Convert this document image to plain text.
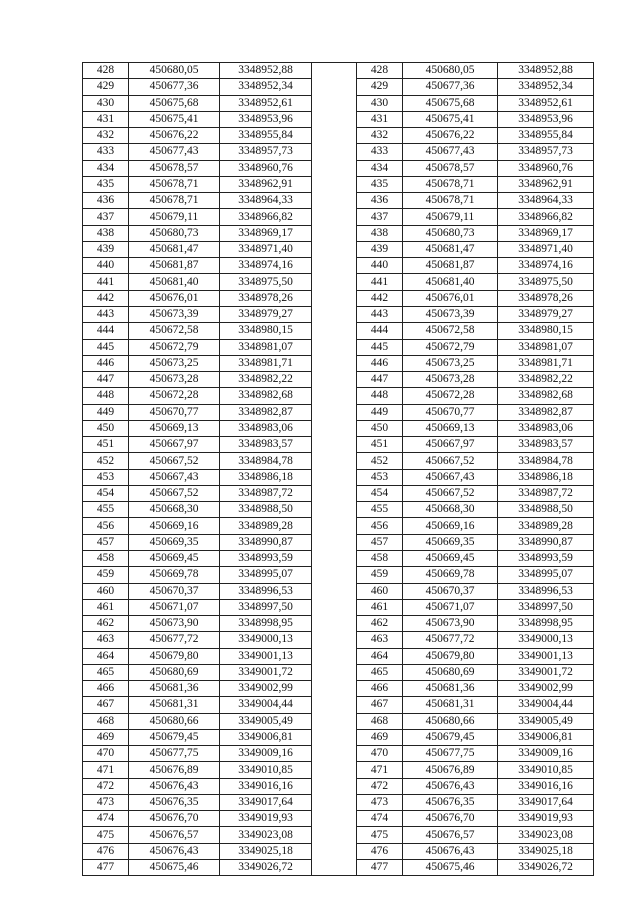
428	450680,05	3348952,88		428	450680,05	3348952,88
429	450677,36	3348952,34		429	450677,36	3348952,34
430	450675,68	3348952,61		430	450675,68	3348952,61
431	450675,41	3348953,96		431	450675,41	3348953,96
432	450676,22	3348955,84		432	450676,22	3348955,84
433	450677,43	3348957,73		433	450677,43	3348957,73
434	450678,57	3348960,76		434	450678,57	3348960,76
435	450678,71	3348962,91		435	450678,71	3348962,91
436	450678,71	3348964,33		436	450678,71	3348964,33
437	450679,11	3348966,82		437	450679,11	3348966,82
438	450680,73	3348969,17		438	450680,73	3348969,17
439	450681,47	3348971,40		439	450681,47	3348971,40
440	450681,87	3348974,16		440	450681,87	3348974,16
441	450681,40	3348975,50		441	450681,40	3348975,50
442	450676,01	3348978,26		442	450676,01	3348978,26
443	450673,39	3348979,27		443	450673,39	3348979,27
444	450672,58	3348980,15		444	450672,58	3348980,15
445	450672,79	3348981,07		445	450672,79	3348981,07
446	450673,25	3348981,71		446	450673,25	3348981,71
447	450673,28	3348982,22		447	450673,28	3348982,22
448	450672,28	3348982,68		448	450672,28	3348982,68
449	450670,77	3348982,87		449	450670,77	3348982,87
450	450669,13	3348983,06		450	450669,13	3348983,06
451	450667,97	3348983,57		451	450667,97	3348983,57
452	450667,52	3348984,78		452	450667,52	3348984,78
453	450667,43	3348986,18		453	450667,43	3348986,18
454	450667,52	3348987,72		454	450667,52	3348987,72
455	450668,30	3348988,50		455	450668,30	3348988,50
456	450669,16	3348989,28		456	450669,16	3348989,28
457	450669,35	3348990,87		457	450669,35	3348990,87
458	450669,45	3348993,59		458	450669,45	3348993,59
459	450669,78	3348995,07		459	450669,78	3348995,07
460	450670,37	3348996,53		460	450670,37	3348996,53
461	450671,07	3348997,50		461	450671,07	3348997,50
462	450673,90	3348998,95		462	450673,90	3348998,95
463	450677,72	3349000,13		463	450677,72	3349000,13
464	450679,80	3349001,13		464	450679,80	3349001,13
465	450680,69	3349001,72		465	450680,69	3349001,72
466	450681,36	3349002,99		466	450681,36	3349002,99
467	450681,31	3349004,44		467	450681,31	3349004,44
468	450680,66	3349005,49		468	450680,66	3349005,49
469	450679,45	3349006,81		469	450679,45	3349006,81
470	450677,75	3349009,16		470	450677,75	3349009,16
471	450676,89	3349010,85		471	450676,89	3349010,85
472	450676,43	3349016,16		472	450676,43	3349016,16
473	450676,35	3349017,64		473	450676,35	3349017,64
474	450676,70	3349019,93		474	450676,70	3349019,93
475	450676,57	3349023,08		475	450676,57	3349023,08
476	450676,43	3349025,18		476	450676,43	3349025,18
477	450675,46	3349026,72		477	450675,46	3349026,72
